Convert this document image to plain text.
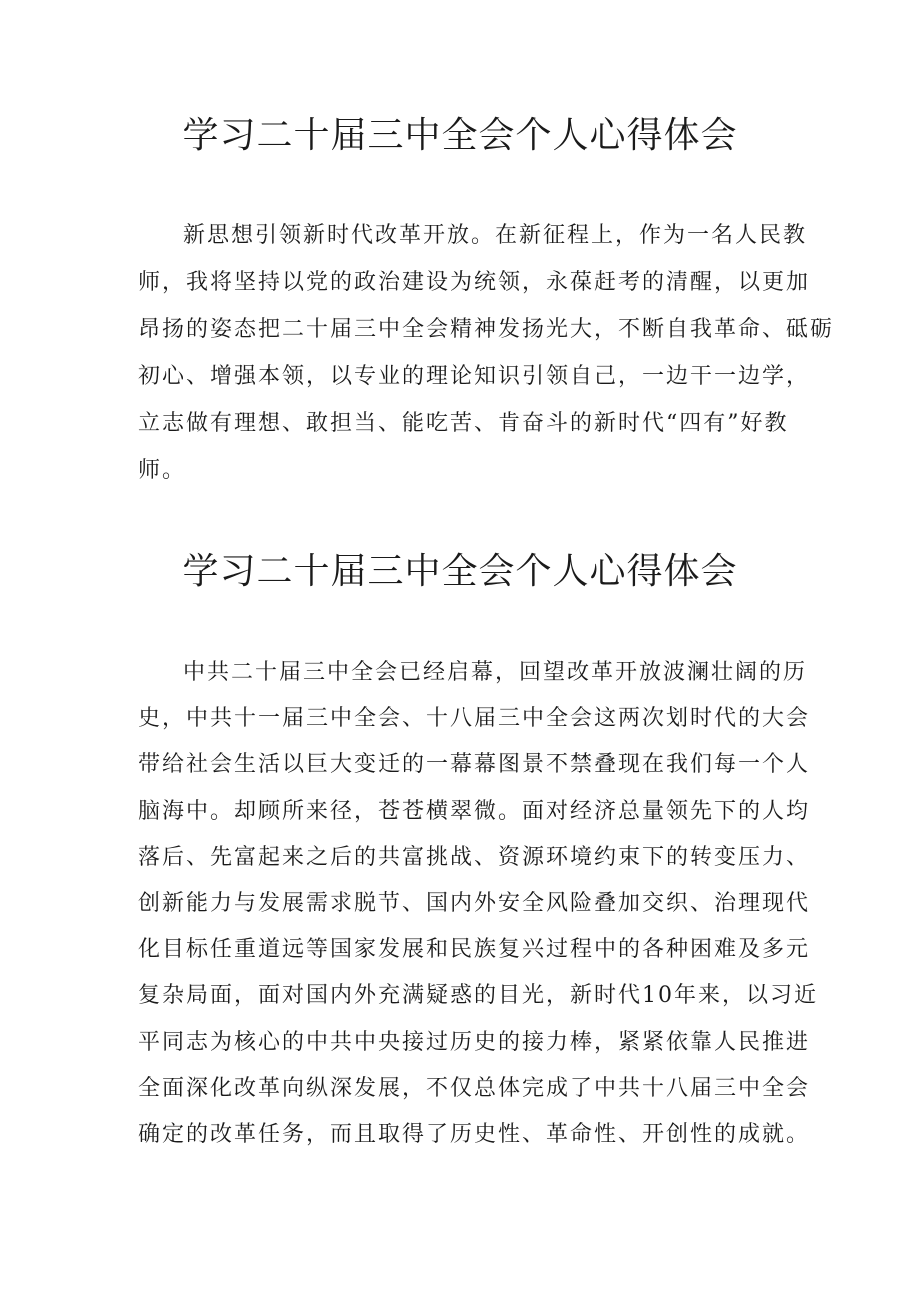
学习二十届三中全会个人心得体会
新思想引领新时代改革开放。在新征程上，作为一名人民教
师，我将坚持以党的政治建设为统领，永葆赶考的清醒，以更加
昂扬的姿态把二十届三中全会精神发扬光大，不断自我革命、砥砺
初心、增强本领，以专业的理论知识引领自己，一边干一边学，
立志做有理想、敢担当、能吃苦、肯奋斗的新时代“四有”好教
师。
学习二十届三中全会个人心得体会
中共二十届三中全会已经启幕，回望改革开放波澜壮阔的历
史，中共十一届三中全会、十八届三中全会这两次划时代的大会
带给社会生活以巨大变迁的一幕幕图景不禁叠现在我们每一个人
脑海中。却顾所来径，苍苍横翠微。面对经济总量领先下的人均
落后、先富起来之后的共富挑战、资源环境约束下的转变压力、
创新能力与发展需求脱节、国内外安全风险叠加交织、治理现代
化目标任重道远等国家发展和民族复兴过程中的各种困难及多元
复杂局面，面对国内外充满疑惑的目光，新时代10年来，以习近
平同志为核心的中共中央接过历史的接力棒，紧紧依靠人民推进
全面深化改革向纵深发展，不仅总体完成了中共十八届三中全会
确定的改革任务，而且取得了历史性、革命性、开创性的成就。
